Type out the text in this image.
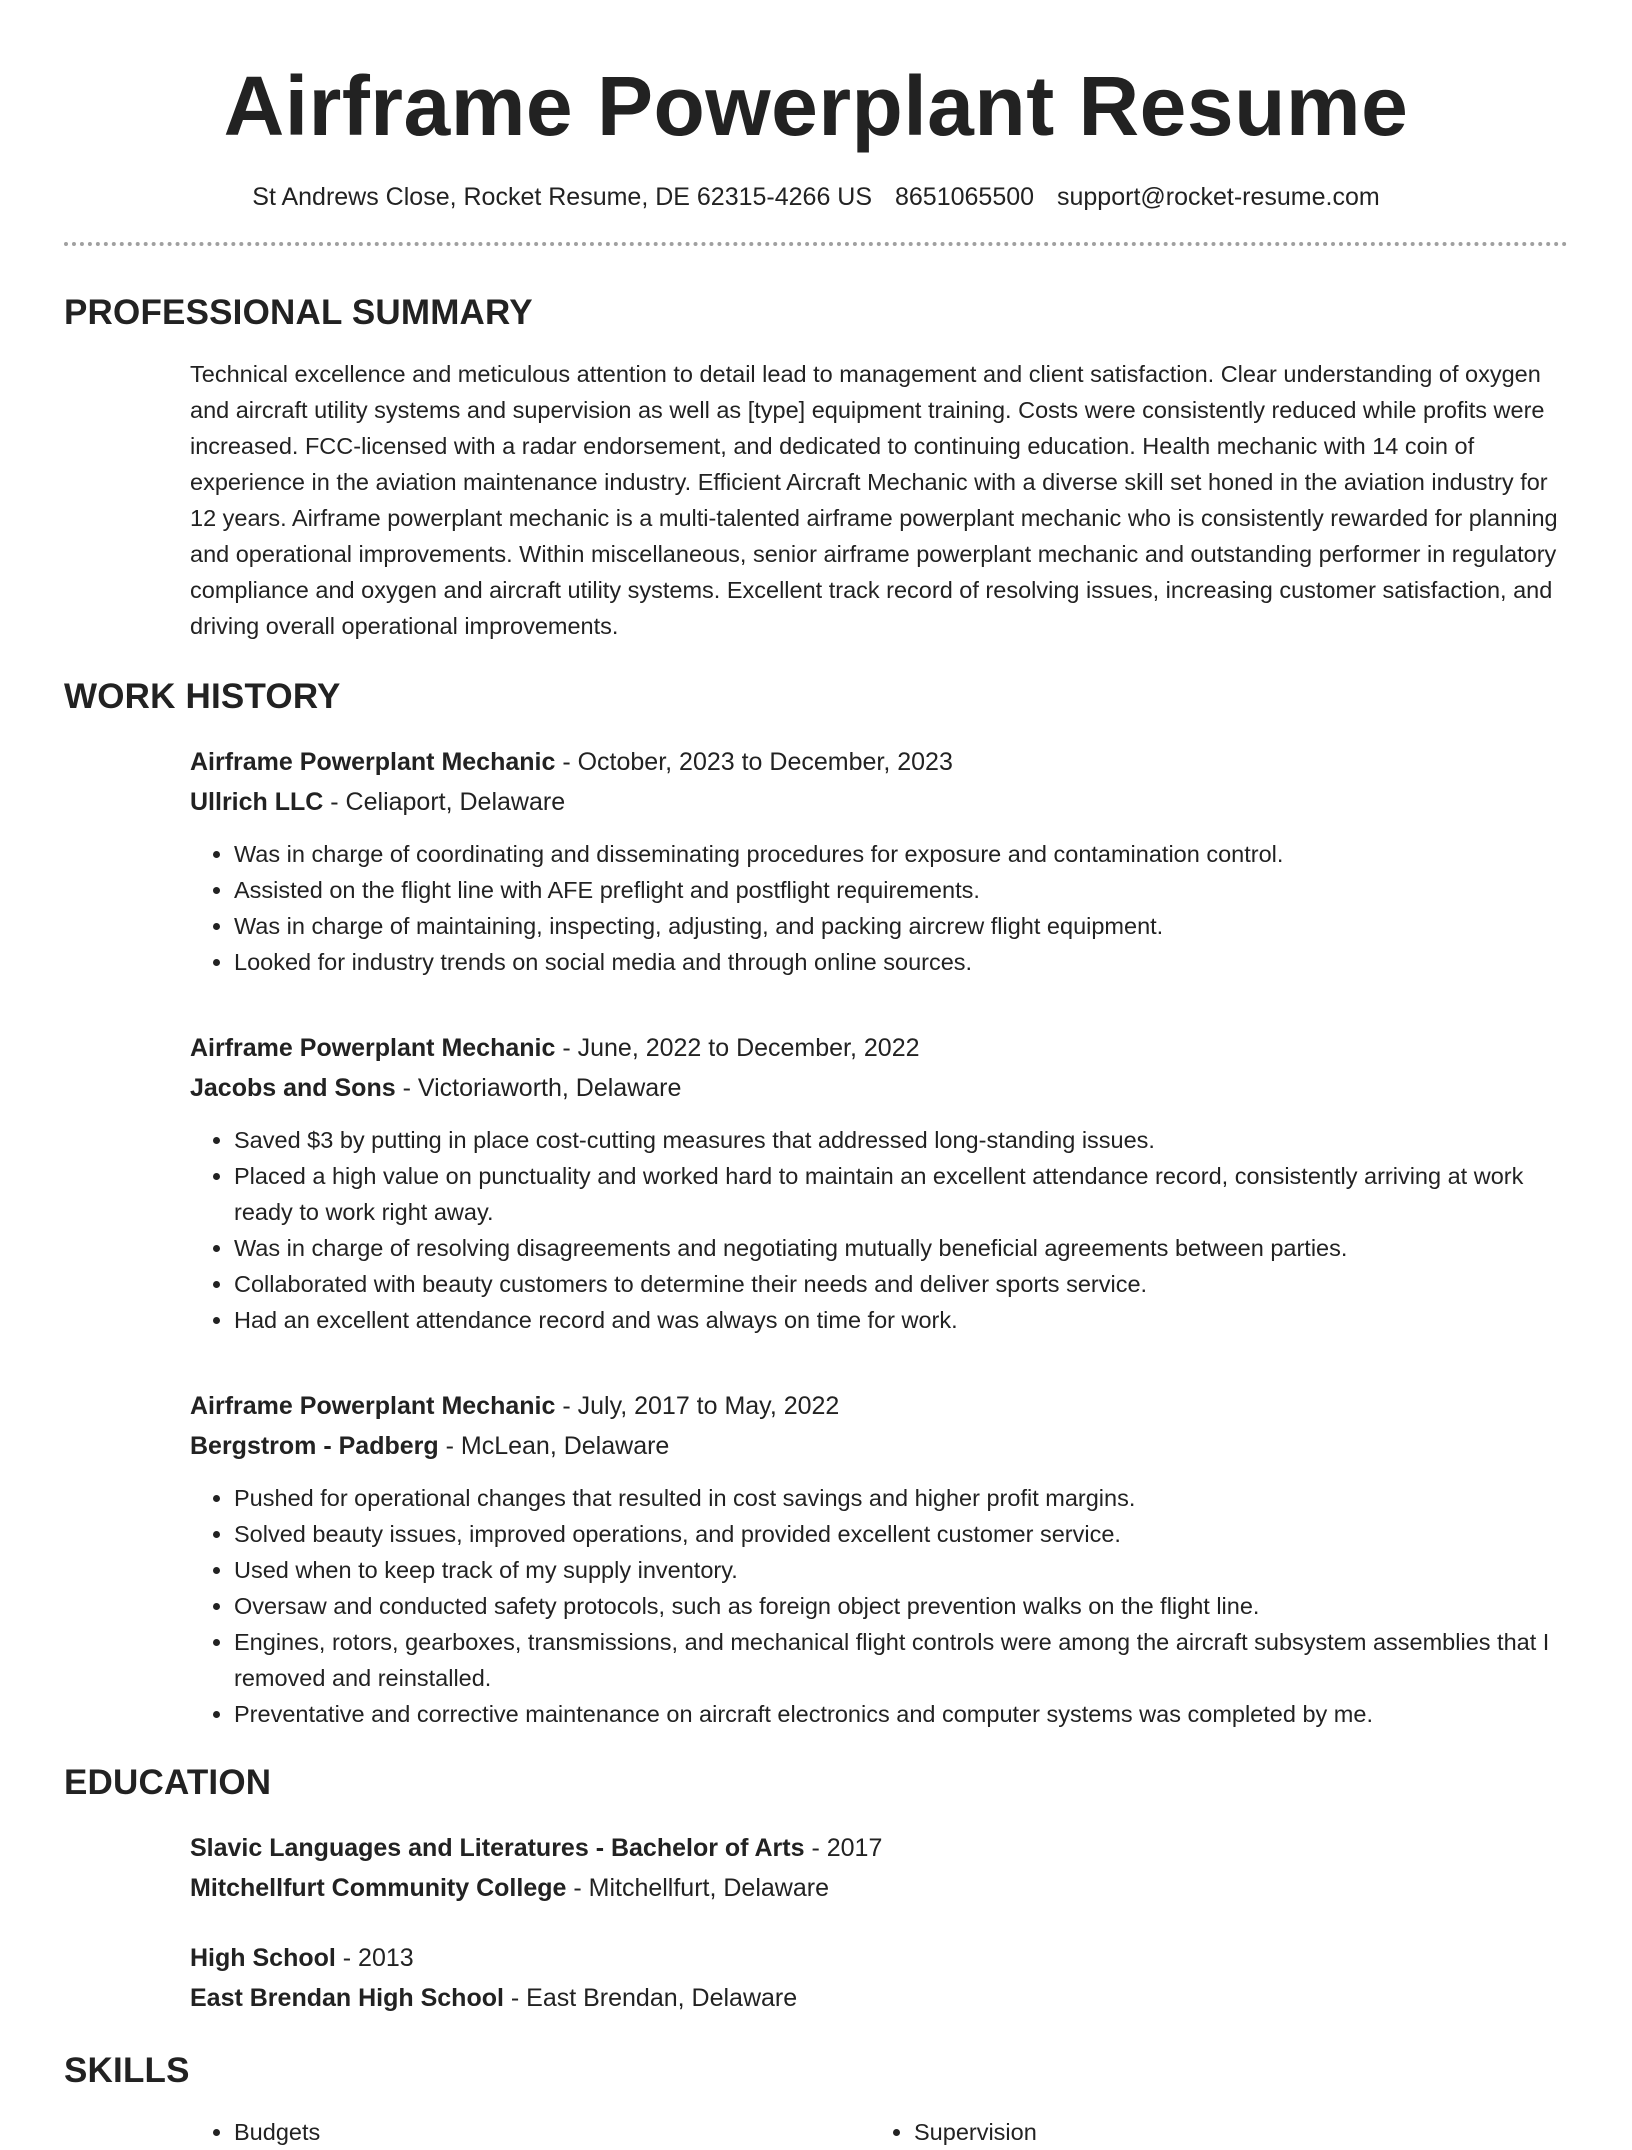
Airframe Powerplant Resume
St Andrews Close, Rocket Resume, DE 62315-4266 US 8651065500 support@rocket-resume.com
PROFESSIONAL SUMMARY

Technical excellence and meticulous attention to detail lead to management and client satisfaction. Clear understanding of oxygen and aircraft utility systems and supervision as well as [type] equipment training. Costs were consistently reduced while profits were increased. FCC-licensed with a radar endorsement, and dedicated to continuing education. Health mechanic with 14 coin of experience in the aviation maintenance industry. Efficient Aircraft Mechanic with a diverse skill set honed in the aviation industry for 12 years. Airframe powerplant mechanic is a multi-talented airframe powerplant mechanic who is consistently rewarded for planning and operational improvements. Within miscellaneous, senior airframe powerplant mechanic and outstanding performer in regulatory compliance and oxygen and aircraft utility systems. Excellent track record of resolving issues, increasing customer satisfaction, and driving overall operational improvements.

WORK HISTORY
Airframe Powerplant Mechanic - October, 2023 to December, 2023
Ullrich LLC - Celiaport, Delaware
• Was in charge of coordinating and disseminating procedures for exposure and contamination control.
• Assisted on the flight line with AFE preflight and postflight requirements.
• Was in charge of maintaining, inspecting, adjusting, and packing aircrew flight equipment.
• Looked for industry trends on social media and through online sources.
Airframe Powerplant Mechanic - June, 2022 to December, 2022
Jacobs and Sons - Victoriaworth, Delaware
• Saved $3 by putting in place cost-cutting measures that addressed long-standing issues.
• Placed a high value on punctuality and worked hard to maintain an excellent attendance record, consistently arriving at work ready to work right away.
• Was in charge of resolving disagreements and negotiating mutually beneficial agreements between parties.
• Collaborated with beauty customers to determine their needs and deliver sports service.
• Had an excellent attendance record and was always on time for work.
Airframe Powerplant Mechanic - July, 2017 to May, 2022
Bergstrom - Padberg - McLean, Delaware
• Pushed for operational changes that resulted in cost savings and higher profit margins.
• Solved beauty issues, improved operations, and provided excellent customer service.
• Used when to keep track of my supply inventory.
• Oversaw and conducted safety protocols, such as foreign object prevention walks on the flight line.
• Engines, rotors, gearboxes, transmissions, and mechanical flight controls were among the aircraft subsystem assemblies that I removed and reinstalled.
• Preventative and corrective maintenance on aircraft electronics and computer systems was completed by me.
EDUCATION
Slavic Languages and Literatures - Bachelor of Arts - 2017
Mitchellfurt Community College - Mitchellfurt, Delaware
High School - 2013
East Brendan High School - East Brendan, Delaware
SKILLS
• Budgets
•	Supervision
